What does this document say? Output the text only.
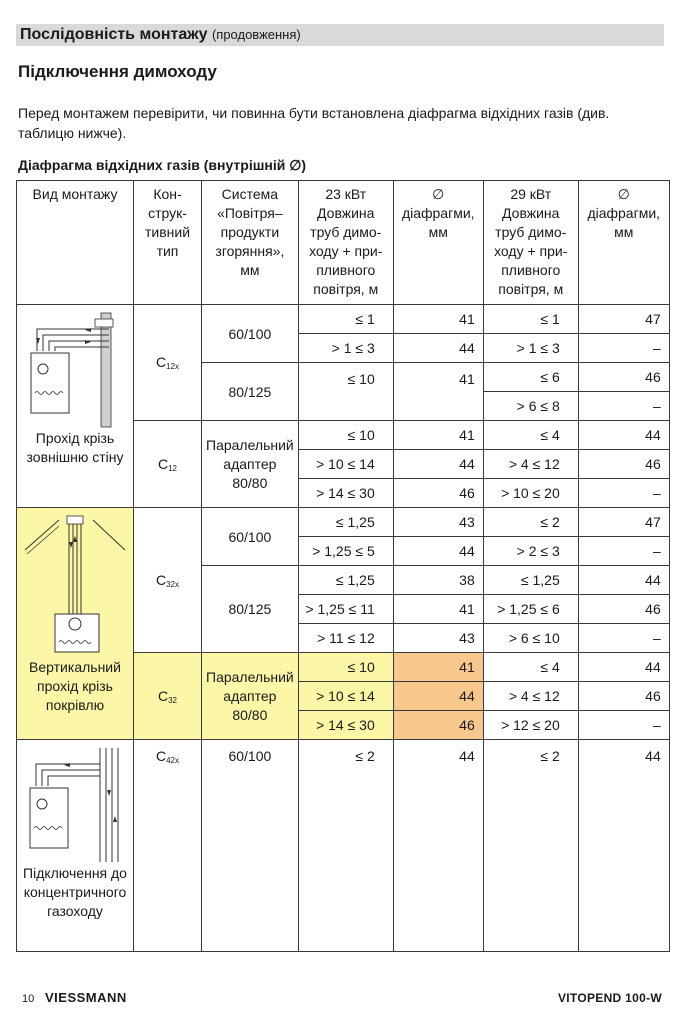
Послідовність монтажу (продовження)
Підключення димоходу
Перед монтажем перевірити, чи повинна бути встановлена діафрагма відхідних газів (див. таблицю нижче).
Діафрагма відхідних газів (внутрішній ∅)
Вид монтажу	Конструктивний тип	Система «Повітря–продукти згоряння», мм	23 кВт Довжина труб димоходу + припливного повітря, м	∅ діафрагми, мм	29 кВт Довжина труб димоходу + припливного повітря, м	∅ діафрагми, мм

Прохід крізь зовнішню стіну	$C_{12x}$	60/100	≤ 1	41	≤ 1	47
			> 1 ≤ 3	44	> 1 ≤ 3	–
		80/125	≤ 10	41	≤ 6	46
					> 6 ≤ 8	–
	$C_{12}$	Паралельний адаптер 80/80	≤ 10	41	≤ 4	44
			> 10 ≤ 14	44	> 4 ≤ 12	46
			> 14 ≤ 30	46	> 10 ≤ 20	–

Вертикальний прохід крізь покрівлю	$C_{32x}$	60/100	≤ 1,25	43	≤ 2	47
			> 1,25 ≤ 5	44	> 2 ≤ 3	–
		80/125	≤ 1,25	38	≤ 1,25	44
			> 1,25 ≤ 11	41	> 1,25 ≤ 6	46
			> 11 ≤ 12	43	> 6 ≤ 10	–
	$C_{32}$	Паралельний адаптер 80/80	≤ 10	41	≤ 4	44
			> 10 ≤ 14	44	> 4 ≤ 12	46
			> 14 ≤ 30	46	> 12 ≤ 20	–

Підключення до концентричного газоходу	$C_{42x}$	60/100	≤ 2	44	≤ 2	44
10 VIESSMANN	VITOPEND 100-W
